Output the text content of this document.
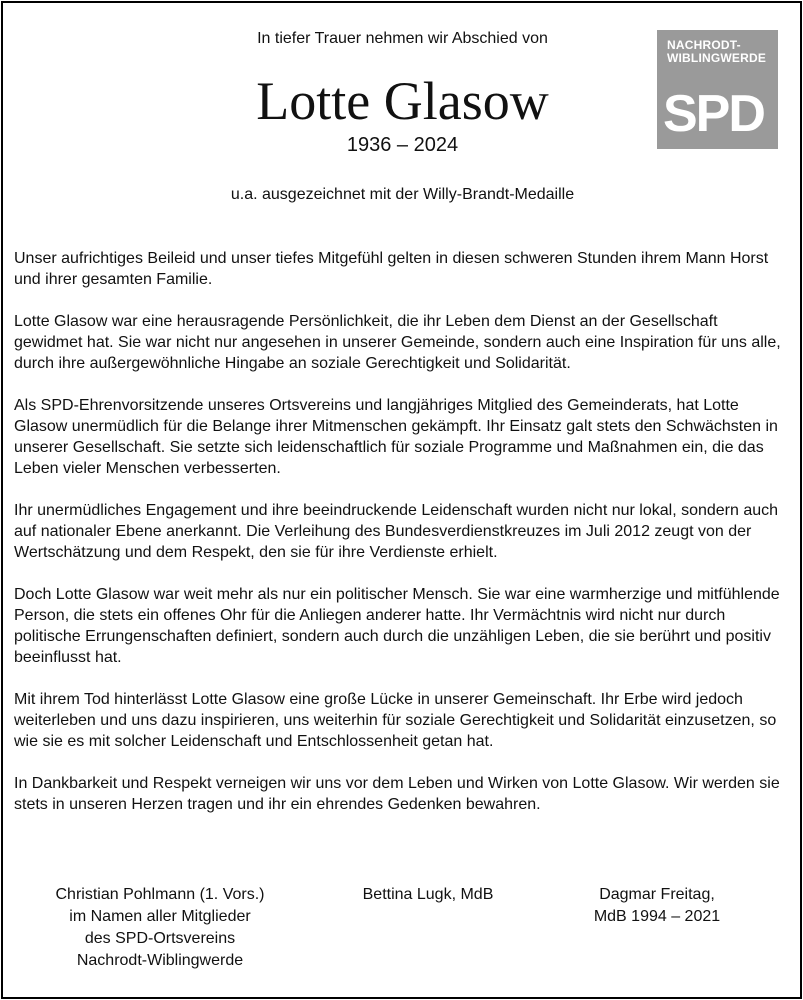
In tiefer Trauer nehmen wir Abschied von
Lotte Glasow
1936 – 2024
u.a. ausgezeichnet mit der Willy-Brandt-Medaille
NACHRODT-
WIBLINGWERDE
SPD

Unser aufrichtiges Beileid und unser tiefes Mitgefühl gelten in diesen schweren Stunden ihrem Mann Horst und ihrer gesamten Familie.

Lotte Glasow war eine herausragende Persönlichkeit, die ihr Leben dem Dienst an der Gesellschaft gewidmet hat. Sie war nicht nur angesehen in unserer Gemeinde, sondern auch eine Inspiration für uns alle, durch ihre außergewöhnliche Hingabe an soziale Gerechtigkeit und Solidarität.

Als SPD-Ehrenvorsitzende unseres Ortsvereins und langjähriges Mitglied des Gemeinderats, hat Lotte Glasow unermüdlich für die Belange ihrer Mitmenschen gekämpft. Ihr Einsatz galt stets den Schwächsten in unserer Gesellschaft. Sie setzte sich leidenschaftlich für soziale Programme und Maßnahmen ein, die das Leben vieler Menschen verbesserten.

Ihr unermüdliches Engagement und ihre beeindruckende Leidenschaft wurden nicht nur lokal, sondern auch auf nationaler Ebene anerkannt. Die Verleihung des Bundesverdienstkreuzes im Juli 2012 zeugt von der Wertschätzung und dem Respekt, den sie für ihre Verdienste erhielt.

Doch Lotte Glasow war weit mehr als nur ein politischer Mensch. Sie war eine warmherzige und mitfühlende Person, die stets ein offenes Ohr für die Anliegen anderer hatte. Ihr Vermächtnis wird nicht nur durch politische Errungenschaften definiert, sondern auch durch die unzähligen Leben, die sie berührt und positiv beeinflusst hat.

Mit ihrem Tod hinterlässt Lotte Glasow eine große Lücke in unserer Gemeinschaft. Ihr Erbe wird jedoch weiterleben und uns dazu inspirieren, uns weiterhin für soziale Gerechtigkeit und Solidarität einzusetzen, so wie sie es mit solcher Leidenschaft und Entschlossenheit getan hat.

In Dankbarkeit und Respekt verneigen wir uns vor dem Leben und Wirken von Lotte Glasow. Wir werden sie stets in unseren Herzen tragen und ihr ein ehrendes Gedenken bewahren.

Christian Pohlmann (1. Vors.)
im Namen aller Mitglieder
des SPD-Ortsvereins
Nachrodt-Wiblingwerde
Bettina Lugk, MdB	Dagmar Freitag,
MdB 1994 – 2021
